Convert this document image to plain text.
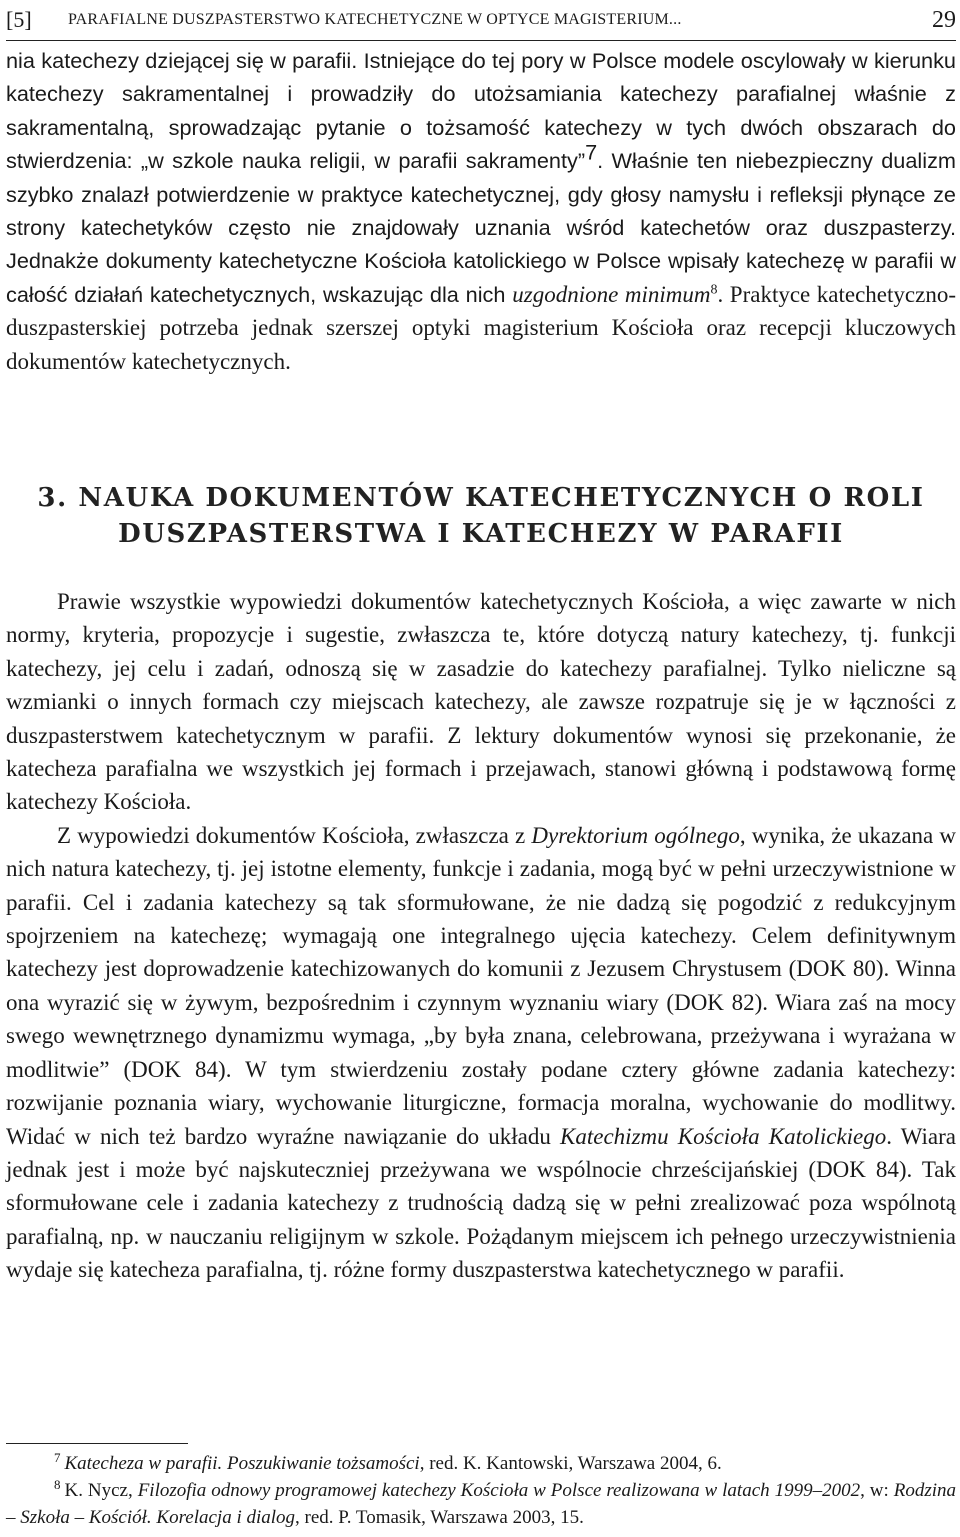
[5]	PARAFIALNE DUSZPASTERSTWO KATECHETYCZNE W OPTYCE MAGISTERIUM...	29

nia katechezy dziejącej się w parafii. Istniejące do tej pory w Polsce modele oscylowały w kierunku katechezy sakramentalnej i prowadziły do utożsamiania katechezy parafialnej właśnie z sakramentalną, sprowadzając pytanie o tożsamość katechezy w tych dwóch obszarach do stwierdzenia: „w szkole nauka religii, w parafii sakramenty”$^7$. Właśnie ten niebezpieczny dualizm szybko znalazł potwierdzenie w praktyce katechetycznej, gdy głosy namysłu i refleksji płynące ze strony katechetyków często nie znajdowały uznania wśród katechetów oraz duszpasterzy. Jednakże dokumenty katechetyczne Kościoła katolickiego w Polsce wpisały katechezę w parafii w całość działań katechetycznych, wskazując dla nich uzgodnione minimum$^8$. Praktyce katechetyczno-duszpasterskiej potrzeba jednak szerszej optyki magisterium Kościoła oraz recepcji kluczowych dokumentów katechetycznych.

3. NAUKA DOKUMENTÓW KATECHETYCZNYCH O ROLI
DUSZPASTERSTWA I KATECHEZY W PARAFII

Prawie wszystkie wypowiedzi dokumentów katechetycznych Kościoła, a więc zawarte w nich normy, kryteria, propozycje i sugestie, zwłaszcza te, które dotyczą natury katechezy, tj. funkcji katechezy, jej celu i zadań, odnoszą się w zasadzie do katechezy parafialnej. Tylko nieliczne są wzmianki o innych formach czy miejscach katechezy, ale zawsze rozpatruje się je w łączności z duszpasterstwem katechetycznym w parafii. Z lektury dokumentów wynosi się przekonanie, że katecheza parafialna we wszystkich jej formach i przejawach, stanowi główną i podstawową formę katechezy Kościoła.

Z wypowiedzi dokumentów Kościoła, zwłaszcza z Dyrektorium ogólnego, wynika, że ukazana w nich natura katechezy, tj. jej istotne elementy, funkcje i zadania, mogą być w pełni urzeczywistnione w parafii. Cel i zadania katechezy są tak sformułowane, że nie dadzą się pogodzić z redukcyjnym spojrzeniem na katechezę; wymagają one integralnego ujęcia katechezy. Celem definitywnym katechezy jest doprowadzenie katechizowanych do komunii z Jezusem Chrystusem (DOK 80). Winna ona wyrazić się w żywym, bezpośrednim i czynnym wyznaniu wiary (DOK 82). Wiara zaś na mocy swego wewnętrznego dynamizmu wymaga, „by była znana, celebrowana, przeżywana i wyrażana w modlitwie” (DOK 84). W tym stwierdzeniu zostały podane cztery główne zadania katechezy: rozwijanie poznania wiary, wychowanie liturgiczne, formacja moralna, wychowanie do modlitwy. Widać w nich też bardzo wyraźne nawiązanie do układu Katechizmu Kościoła Katolickiego. Wiara jednak jest i może być najskuteczniej przeżywana we wspólnocie chrześcijańskiej (DOK 84). Tak sformułowane cele i zadania katechezy z trudnością dadzą się w pełni zrealizować poza wspólnotą parafialną, np. w nauczaniu religijnym w szkole. Pożądanym miejscem ich pełnego urzeczywistnienia wydaje się katecheza parafialna, tj. różne formy duszpasterstwa katechetycznego w parafii.

$^7$ Katecheza w parafii. Poszukiwanie tożsamości, red. K. Kantowski, Warszawa 2004, 6.

$^8$ K. Nycz, Filozofia odnowy programowej katechezy Kościoła w Polsce realizowana w latach 1999–2002, w: Rodzina – Szkoła – Kościół. Korelacja i dialog, red. P. Tomasik, Warszawa 2003, 15.
